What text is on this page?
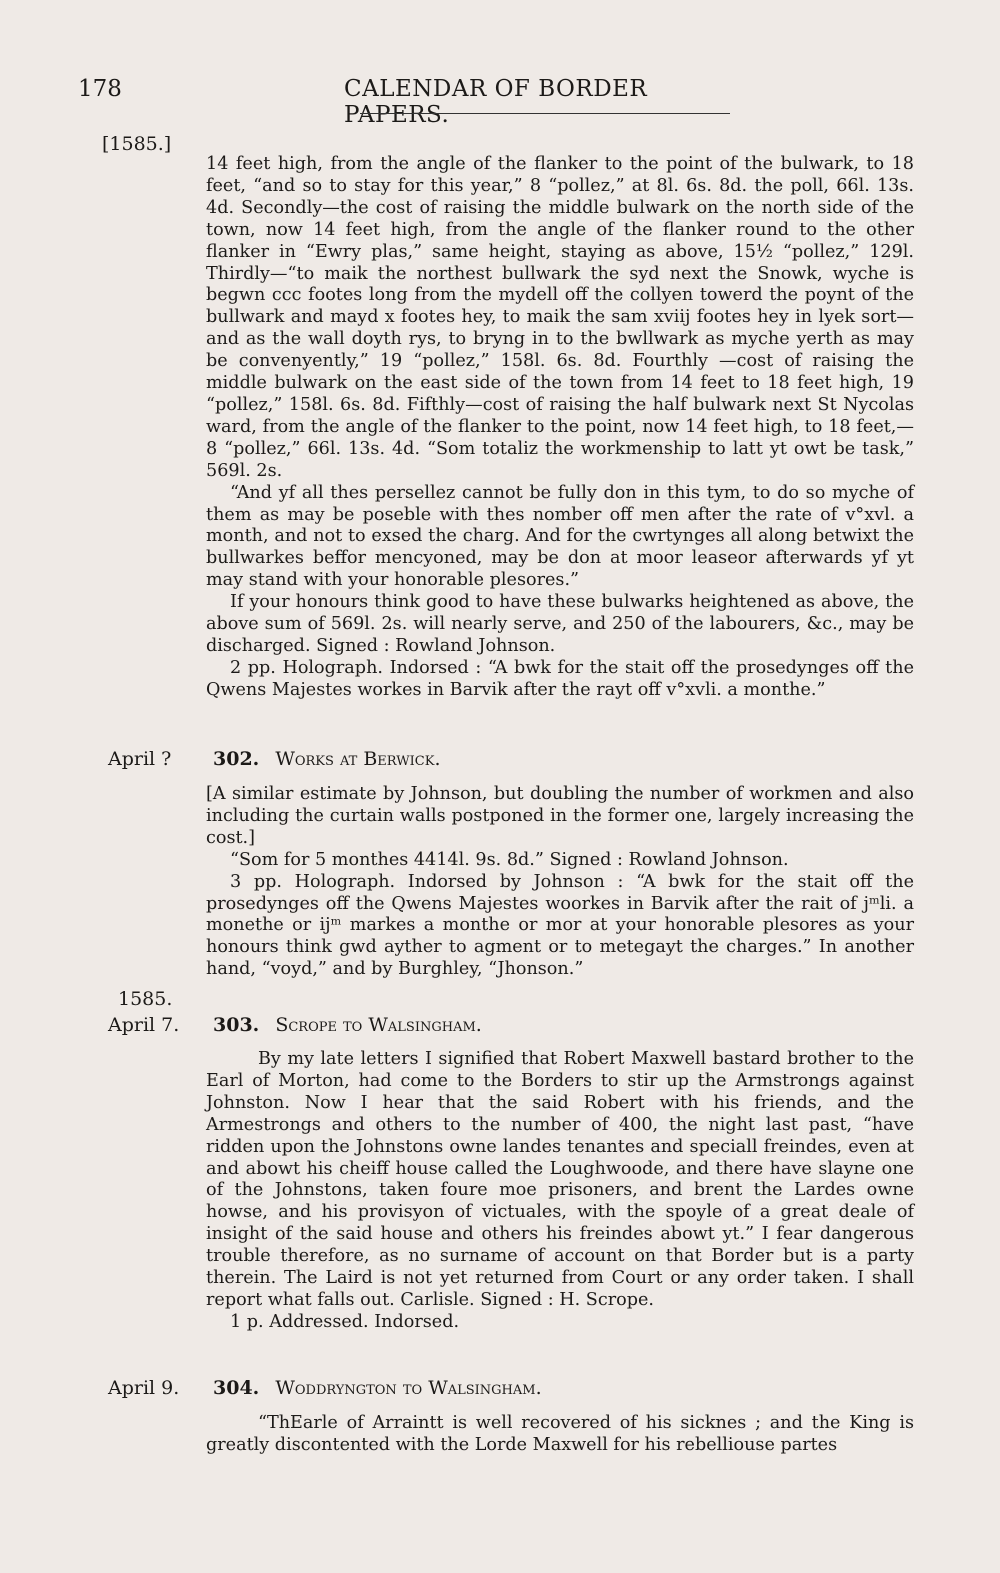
178	CALENDAR OF BORDER PAPERS.
[1585.]

14 feet high, from the angle of the flanker to the point of the bulwark, to 18 feet, “and so to stay for this year,” 8 “pollez,” at 8l. 6s. 8d. the poll, 66l. 13s. 4d. Secondly—the cost of raising the middle bulwark on the north side of the town, now 14 feet high, from the angle of the flanker round to the other flanker in “Ewry plas,” same height, staying as above, 15½ “pollez,” 129l. Thirdly—“to maik the northest bullwark the syd next the Snowk, wyche is begwn ccc footes long from the mydell off the collyen towerd the poynt of the bullwark and mayd x footes hey, to maik the sam xviij footes hey in lyek sort—and as the wall doyth rys, to bryng in to the bwllwark as myche yerth as may be convenyently,” 19 “pollez,” 158l. 6s. 8d. Fourthly —cost of raising the middle bulwark on the east side of the town from 14 feet to 18 feet high, 19 “pollez,” 158l. 6s. 8d. Fifthly—cost of raising the half bulwark next St Nycolas ward, from the angle of the flanker to the point, now 14 feet high, to 18 feet,—8 “pollez,” 66l. 13s. 4d. “Som totaliz the workmenship to latt yt owt be task,” 569l. 2s.

“And yf all thes persellez cannot be fully don in this tym, to do so myche of them as may be poseble with thes nomber off men after the rate of v°xvl. a month, and not to exsed the charg. And for the cwrtynges all along betwixt the bullwarkes beffor mencyoned, may be don at moor leaseor afterwards yf yt may stand with your honorable plesores.”

If your honours think good to have these bulwarks heightened as above, the above sum of 569l. 2s. will nearly serve, and 250 of the labourers, &c., may be discharged. Signed : Rowland Johnson.

2 pp. Holograph. Indorsed : “A bwk for the stait off the prosedynges off the Qwens Majestes workes in Barvik after the rayt off v°xvli. a monthe.”

April ? 302. Works at Berwick.

[A similar estimate by Johnson, but doubling the number of workmen and also including the curtain walls postponed in the former one, largely increasing the cost.]

“Som for 5 monthes 4414l. 9s. 8d.” Signed : Rowland Johnson.

3 pp. Holograph. Indorsed by Johnson : “A bwk for the stait off the prosedynges off the Qwens Majestes woorkes in Barvik after the rait of jᵐli. a monethe or ijᵐ markes a monthe or mor at your honorable plesores as your honours think gwd ayther to agment or to metegayt the charges.” In another hand, “voyd,” and by Burghley, “Jhonson.”

1585.
April 7. 303. Scrope to Walsingham.

By my late letters I signified that Robert Maxwell bastard brother to the Earl of Morton, had come to the Borders to stir up the Armstrongs against Johnston. Now I hear that the said Robert with his friends, and the Armestrongs and others to the number of 400, the night last past, “have ridden upon the Johnstons owne landes tenantes and speciall freindes, even at and abowt his cheiff house called the Loughwoode, and there have slayne one of the Johnstons, taken foure moe prisoners, and brent the Lardes owne howse, and his provisyon of victuales, with the spoyle of a great deale of insight of the said house and others his freindes abowt yt.” I fear dangerous trouble therefore, as no surname of account on that Border but is a party therein. The Laird is not yet returned from Court or any order taken. I shall report what falls out. Carlisle. Signed : H. Scrope.

1 p. Addressed. Indorsed.

April 9. 304. Woddryngton to Walsingham.

“ThEarle of Arraintt is well recovered of his sicknes ; and the King is greatly discontented with the Lorde Maxwell for his rebelliouse partes
